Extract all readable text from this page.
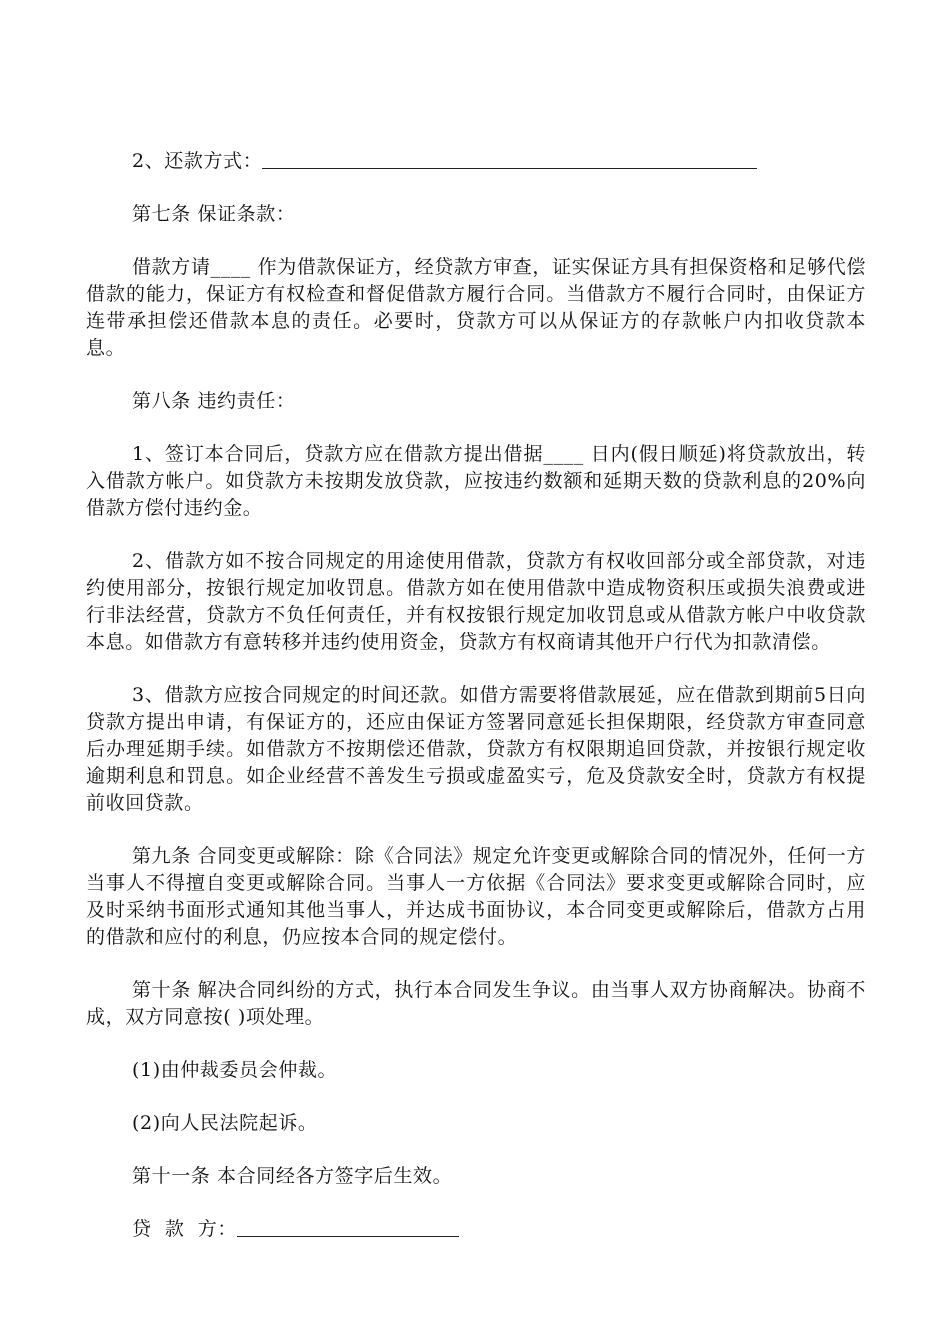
2、还款方式：
第七条 保证条款：

借款方请____ 作为借款保证方，经贷款方审查，证实保证方具有担保资格和足够代偿借款的能力，保证方有权检查和督促借款方履行合同。当借款方不履行合同时，由保证方连带承担偿还借款本息的责任。必要时，贷款方可以从保证方的存款帐户内扣收贷款本息。

第八条 违约责任：

1、签订本合同后，贷款方应在借款方提出借据____ 日内(假日顺延)将贷款放出，转入借款方帐户。如贷款方未按期发放贷款，应按违约数额和延期天数的贷款利息的20%向借款方偿付违约金。

2、借款方如不按合同规定的用途使用借款，贷款方有权收回部分或全部贷款，对违约使用部分，按银行规定加收罚息。借款方如在使用借款中造成物资积压或损失浪费或进行非法经营，贷款方不负任何责任，并有权按银行规定加收罚息或从借款方帐户中收贷款本息。如借款方有意转移并违约使用资金，贷款方有权商请其他开户行代为扣款清偿。

3、借款方应按合同规定的时间还款。如借方需要将借款展延，应在借款到期前5日向贷款方提出申请，有保证方的，还应由保证方签署同意延长担保期限，经贷款方审查同意后办理延期手续。如借款方不按期偿还借款，贷款方有权限期追回贷款，并按银行规定收逾期利息和罚息。如企业经营不善发生亏损或虚盈实亏，危及贷款安全时，贷款方有权提前收回贷款。

第九条 合同变更或解除：除《合同法》规定允许变更或解除合同的情况外，任何一方当事人不得擅自变更或解除合同。当事人一方依据《合同法》要求变更或解除合同时，应及时采纳书面形式通知其他当事人，并达成书面协议，本合同变更或解除后，借款方占用的借款和应付的利息，仍应按本合同的规定偿付。

第十条 解决合同纠纷的方式，执行本合同发生争议。由当事人双方协商解决。协商不成，双方同意按( )项处理。

(1)由仲裁委员会仲裁。
(2)向人民法院起诉。
第十一条 本合同经各方签字后生效。
贷  款  方：
